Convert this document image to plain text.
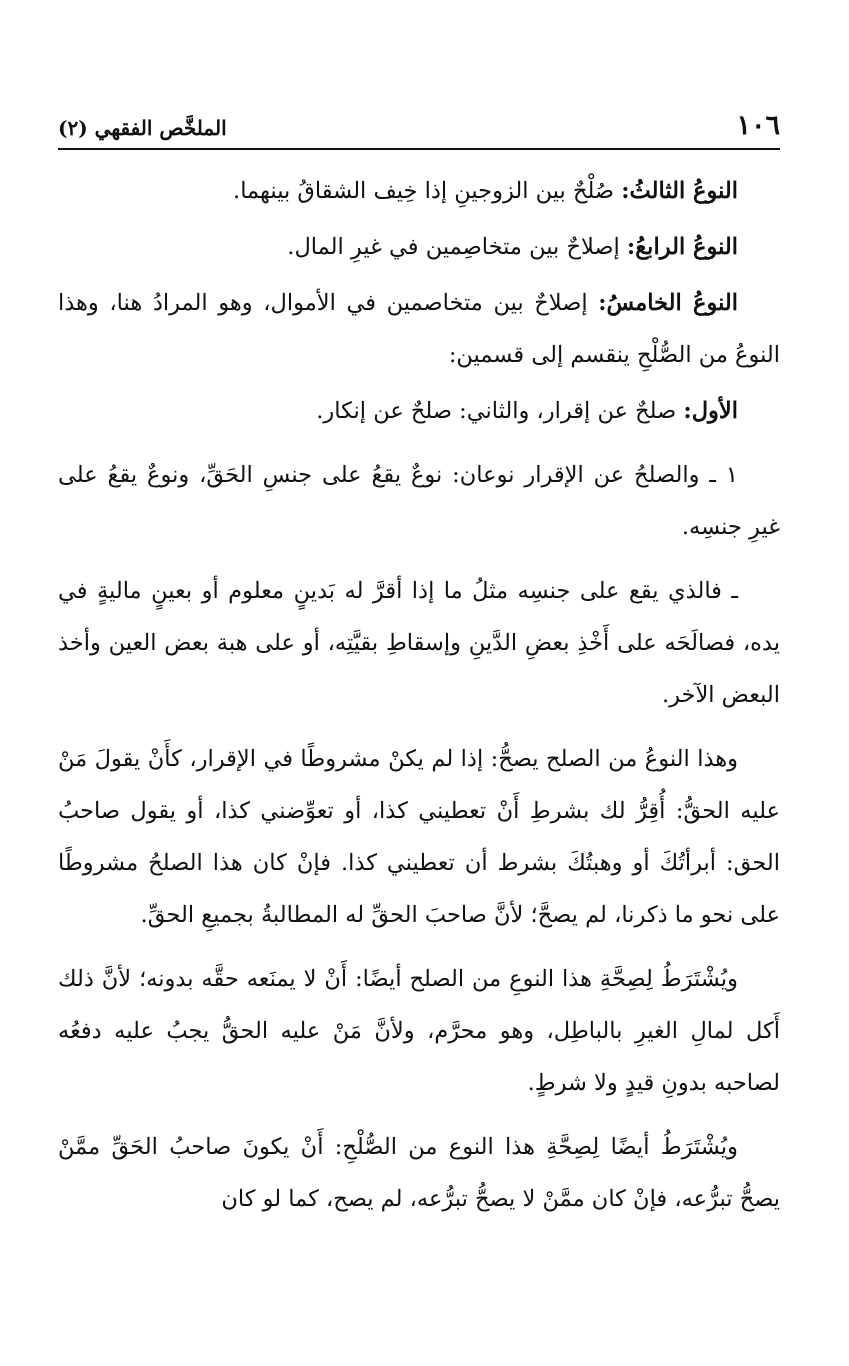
١٠٦
الملخَّص الفقهي (٢)

النوعُ الثالثُ: صُلْحٌ بين الزوجينِ إذا خِيف الشقاقُ بينهما.

النوعُ الرابعُ: إصلاحٌ بين متخاصِمين في غيرِ المال.

النوعُ الخامسُ: إصلاحٌ بين متخاصمين في الأموال، وهو المرادُ هنا، وهذا النوعُ من الصُّلْحِ ينقسم إلى قسمين:

الأول: صلحٌ عن إقرار، والثاني: صلحٌ عن إنكار.

١ ـ والصلحُ عن الإقرار نوعان: نوعٌ يقعُ على جنسِ الحَقِّ، ونوعٌ يقعُ على غيرِ جنسِه.

ـ فالذي يقع على جنسِه مثلُ ما إذا أقرَّ له بَدينٍ معلوم أو بعينٍ ماليةٍ في يده، فصالَحَه على أَخْذِ بعضِ الدَّينِ وإسقاطِ بقيَّتِه، أو على هبة بعض العين وأخذ البعض الآخر.

وهذا النوعُ من الصلح يصحُّ: إذا لم يكنْ مشروطًا في الإقرار، كأَنْ يقولَ مَنْ عليه الحقُّ: أُقِرُّ لك بشرطِ أَنْ تعطيني كذا، أو تعوِّضني كذا، أو يقول صاحبُ الحق: أبرأتُكَ أو وهبتُكَ بشرط أن تعطيني كذا. فإنْ كان هذا الصلحُ مشروطًا على نحو ما ذكرنا، لم يصحَّ؛ لأنَّ صاحبَ الحقِّ له المطالبةُ بجميعِ الحقِّ.

ويُشْتَرَطُ لِصِحَّةِ هذا النوعِ من الصلح أيضًا: أَنْ لا يمنَعه حقَّه بدونه؛ لأنَّ ذلك أَكل لمالِ الغيرِ بالباطِل، وهو محرَّم، ولأنَّ مَنْ عليه الحقُّ يجبُ عليه دفعُه لصاحبه بدونِ قيدٍ ولا شرطٍ.

ويُشْتَرَطُ أيضًا لِصِحَّةِ هذا النوع من الصُّلْحِ: أَنْ يكونَ صاحبُ الحَقِّ ممَّنْ يصحُّ تبرُّعه، فإنْ كان ممَّنْ لا يصحُّ تبرُّعه، لم يصح، كما لو كان
